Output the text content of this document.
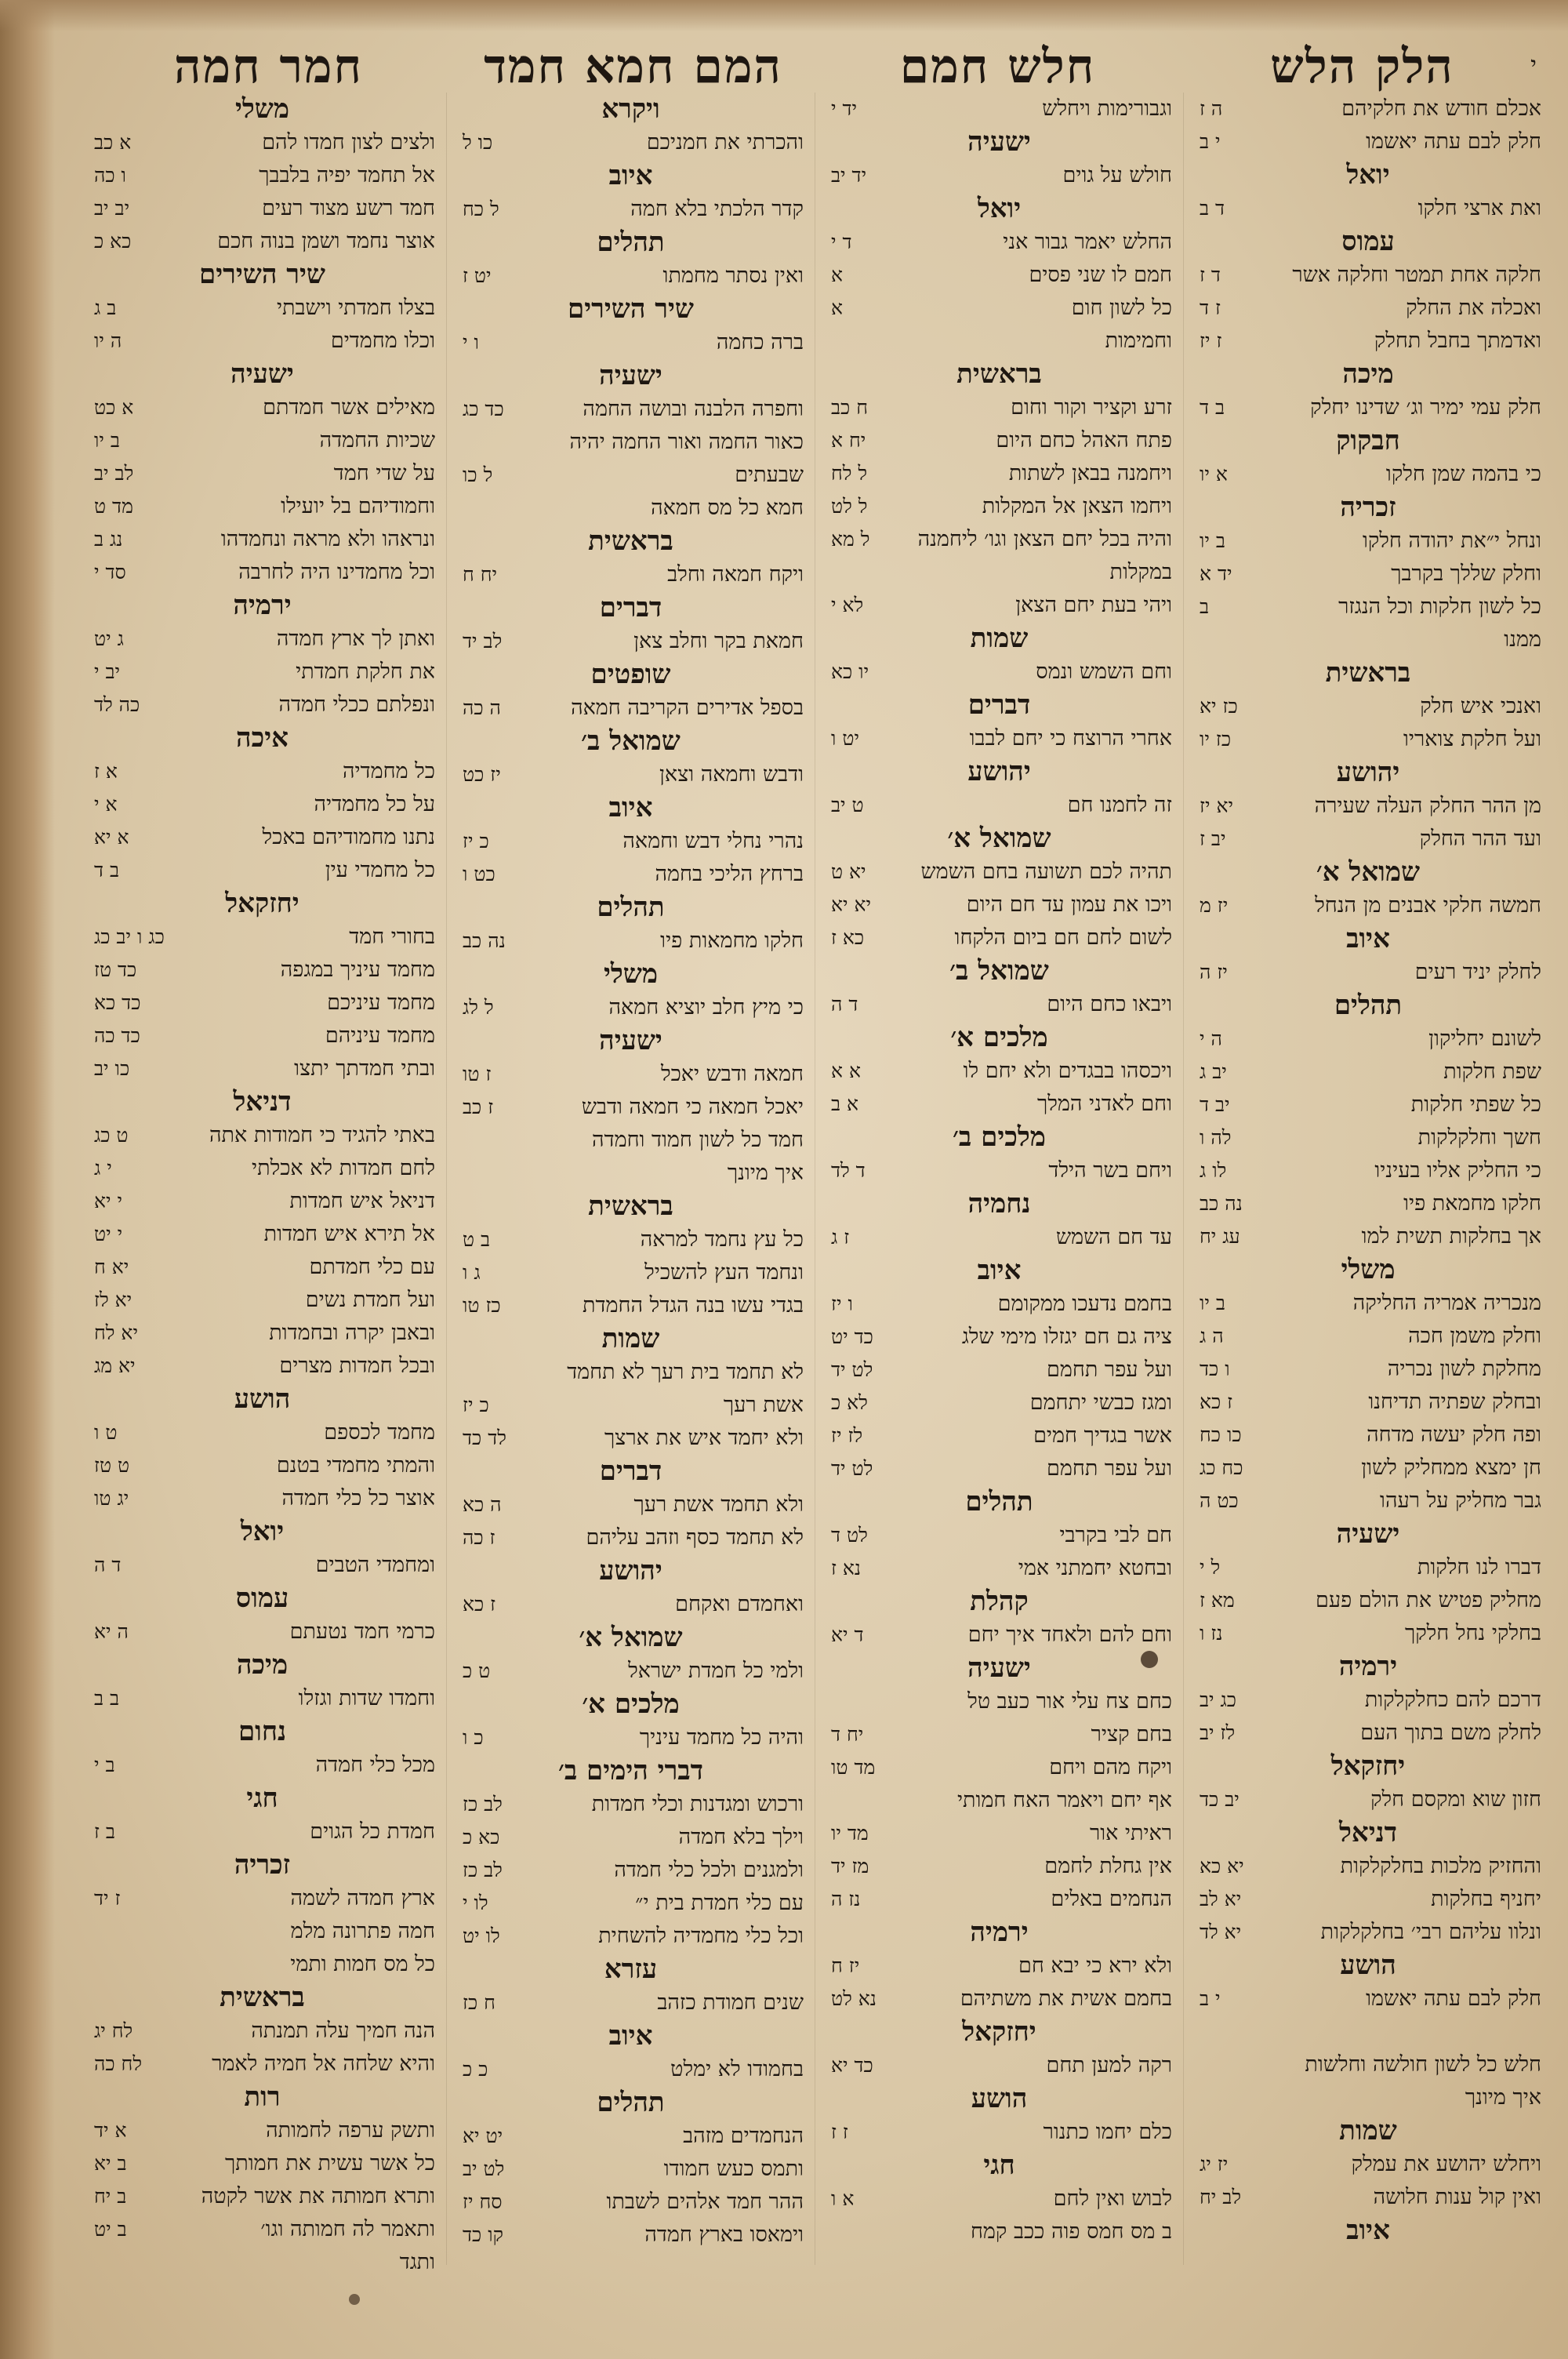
הלק הלש
חלש חמם
המם חמא חמד
חמר חמה	י
אכלם חודש את חלקיהם
ה ז
חלק לבם עתה יאשמו
י ב
יואל
ואת ארצי חלקו
ד ב
עמוס
חלקה אחת תמטר וחלקה אשר
ד ז
ואכלה את החלק
ז ד
ואדמתך בחבל תחלק
ז יז
מיכה
חלק עמי ימיר וג׳ שדינו יחלק
ב ד
חבקוק
כי בהמה שמן חלקו
א יו
זכריה
ונחל י״את יהודה חלקו
ב יו
וחלק שללך בקרבך
יד א
כל לשון חלקות וכל הנגזר
ב
ממנו
בראשית
ואנכי איש חלק
כז יא
ועל חלקת צואריו
כז יו
יהושע
מן ההר החלק העלה שעירה
יא יז
ועד ההר החלק
יב ז
שמואל א׳
חמשה חלקי אבנים מן הנחל
יז מ
איוב
לחלק יניד רעים
יז ה
תהלים
לשונם יחליקון
ה י
שפת חלקות
יב ג
כל שפתי חלקות
יב ד
חשך וחלקלקות
לה ו
כי החליק אליו בעיניו
לו ג
חלקו מחמאת פיו
נה כב
אך בחלקות תשית למו
עג יח
משלי
מנכריה אמריה החליקה
ב יו
וחלק משמן חכה
ה ג
מחלקת לשון נכריה
ו כד
ובחלק שפתיה תדיחנו
ז כא
ופה חלק יעשה מדחה
כו כח
חן ימצא ממחליק לשון
כח כג
גבר מחליק על רעהו
כט ה
ישעיה
דברו לנו חלקות
ל י
מחליק פטיש את הולם פעם
מא ז
בחלקי נחל חלקך
נז ו
ירמיה
דרכם להם כחלקלקות
כג יב
לחלק משם בתוך העם
לז יב
יחזקאל
חזון שוא ומקסם חלק
יב כד
דניאל
והחזיק מלכות בחלקלקות
יא כא
יחניף בחלקות
יא לב
ונלוו עליהם רבי׳ בחלקלקות
יא לד
הושע
חלק לבם עתה יאשמו
י ב
חלש כל לשון חולשה וחלשות
איך מיונך
שמות
ויחלש יהושע את עמלק
יז יג
ואין קול ענות חלושה
לב יח
איוב
וגבורימות ויחלש
יד י
ישעיה
חולש על גוים
יד יב
יואל
החלש יאמר גבור אני
ד י
חמם לו שני פסים
א
כל לשון חום
א
וחמימות
בראשית
זרע וקציר וקור וחום
ח כב
פתח האהל כחם היום
יח א
ויחמנה בבאן לשתות
ל לח
ויחמו הצאן אל המקלות
ל לט
והיה בכל יחם הצאן וגו׳ ליחמנה
ל מא
במקלות
ויהי בעת יחם הצאן
לא י
שמות
וחם השמש ונמס
יו כא
דברים
אחרי הרוצח כי יחם לבבו
יט ו
יהושע
זה לחמנו חם
ט יב
שמואל א׳
תהיה לכם תשועה בחם השמש
יא ט
ויכו את עמון עד חם היום
יא יא
לשום לחם חם ביום הלקחו
כא ז
שמואל ב׳
ויבאו כחם היום
ד ה
מלכים א׳
ויכסהו בבגדים ולא יחם לו
א א
וחם לאדני המלך
א ב
מלכים ב׳
ויחם בשר הילד
ד לד
נחמיה
עד חם השמש
ז ג
איוב
בחמם נדעכו ממקומם
ו יז
ציה גם חם יגזלו מימי שלג
כד יט
ועל עפר תחמם
לט יד
ומגז כבשי יתחמם
לא כ
אשר בגדיך חמים
לז יז
ועל עפר תחמם
לט יד
תהלים
חם לבי בקרבי
לט ד
ובחטא יחמתני אמי
נא ז
קהלת
וחם להם ולאחד איך יחם
ד יא
ישעיה
כחם צח עלי אור כעב טל
בחם קציר
יח ד
ויקח מהם ויחם
מד טו
אף יחם ויאמר האח חמותי
ראיתי אור
מד יו
אין גחלת לחמם
מז יד
הנחמים באלים
נז ה
ירמיה
ולא ירא כי יבא חם
יז ח
בחמם אשית את משתיהם
נא לט
יחזקאל
רקה למען תחם
כד יא
הושע
כלם יחמו כתנור
ז ז
חגי
לבוש ואין לחם
א ו
ב מס חמס פוה ככב קמח
ויקרא
והכרתי את חמניכם
כו ל
איוב
קדר הלכתי בלא חמה
ל כח
תהלים
ואין נסתר מחמתו
יט ז
שיר השירים
ברה כחמה
ו י
ישעיה
וחפרה הלבנה ובושה החמה
כד כג
כאור החמה ואור החמה יהיה
שבעתים
ל כו
חמא כל מס חמאה
בראשית
ויקח חמאה וחלב
יח ח
דברים
חמאת בקר וחלב צאן
לב יד
שופטים
בספל אדירים הקריבה חמאה
ה כה
שמואל ב׳
ודבש וחמאה וצאן
יז כט
איוב
נהרי נחלי דבש וחמאה
כ יז
ברחץ הליכי בחמה
כט ו
תהלים
חלקו מחמאות פיו
נה כב
משלי
כי מיץ חלב יוציא חמאה
ל לג
ישעיה
חמאה ודבש יאכל
ז טו
יאכל חמאה כי חמאה ודבש
ז כב
חמד כל לשון חמוד וחמדה
איך מיונך
בראשית
כל עץ נחמד למראה
ב ט
ונחמד העץ להשכיל
ג ו
בגדי עשו בנה הגדל החמדת
כז טו
שמות
לא תחמד בית רעך לא תחמד
אשת רעך
כ יז
ולא יחמד איש את ארצך
לד כד
דברים
ולא תחמד אשת רעך
ה כא
לא תחמד כסף וזהב עליהם
ז כה
יהושע
ואחמדם ואקחם
ז כא
שמואל א׳
ולמי כל חמדת ישראל
ט כ
מלכים א׳
והיה כל מחמד עיניך
כ ו
דברי הימים ב׳
ורכוש ומגדנות וכלי חמדות
לב כז
וילך בלא חמדה
כא כ
ולמגנים ולכל כלי חמדה
לב כז
עם כלי חמדת בית י״
לו י
וכל כלי מחמדיה להשחית
לו יט
עזרא
שנים חמודת כזהב
ח כז
איוב
בחמודו לא ימלט
כ כ
תהלים
הנחמדים מזהב
יט יא
ותמס כעש חמודו
לט יב
ההר חמד אלהים לשבתו
סח יז
וימאסו בארץ חמדה
קו כד
משלי
ולצים לצון חמדו להם
א כב
אל תחמד יפיה בלבבך
ו כה
חמד רשע מצוד רעים
יב יב
אוצר נחמד ושמן בנוה חכם
כא כ
שיר השירים
בצלו חמדתי וישבתי
ב ג
וכלו מחמדים
ה יו
ישעיה
מאילים אשר חמדתם
א כט
שכיות החמדה
ב יו
על שדי חמד
לב יב
וחמודיהם בל יועילו
מד ט
ונראהו ולא מראה ונחמדהו
נג ב
וכל מחמדינו היה לחרבה
סד י
ירמיה
ואתן לך ארץ חמדה
ג יט
את חלקת חמדתי
יב י
ונפלתם ככלי חמדה
כה לד
איכה
כל מחמדיה
א ז
על כל מחמדיה
א י
נתנו מחמודיהם באכל
א יא
כל מחמדי עין
ב ד
יחזקאל
בחורי חמד
כג ו יב כג
מחמד עיניך במגפה
כד טז
מחמד עיניכם
כד כא
מחמד עיניהם
כד כה
ובתי חמדתך יתצו
כו יב
דניאל
באתי להגיד כי חמודות אתה
ט כג
לחם חמדות לא אכלתי
י ג
דניאל איש חמדות
י יא
אל תירא איש חמדות
י יט
עם כלי חמדתם
יא ח
ועל חמדת נשים
יא לז
ובאבן יקרה ובחמדות
יא לח
ובכל חמדות מצרים
יא מג
הושע
מחמד לכספם
ט ו
והמתי מחמדי בטנם
ט טז
אוצר כל כלי חמדה
יג טו
יואל
ומחמדי הטבים
ד ה
עמוס
כרמי חמד נטעתם
ה יא
מיכה
וחמדו שדות וגזלו
ב ב
נחום
מכל כלי חמדה
ב י
חגי
חמדת כל הגוים
ב ז
זכריה
ארץ חמדה לשמה
ז יד
חמה פתרונה מלמ
כל מס חמות ותמי
בראשית
הנה חמיך עלה תמנתה
לח יג
והיא שלחה אל חמיה לאמר
לח כה
רות
ותשק ערפה לחמותה
א יד
כל אשר עשית את חמותך
ב יא
ותרא חמותה את אשר לקטה
ב יח
ותאמר לה חמותה וגו׳
ב יט
ותגד
